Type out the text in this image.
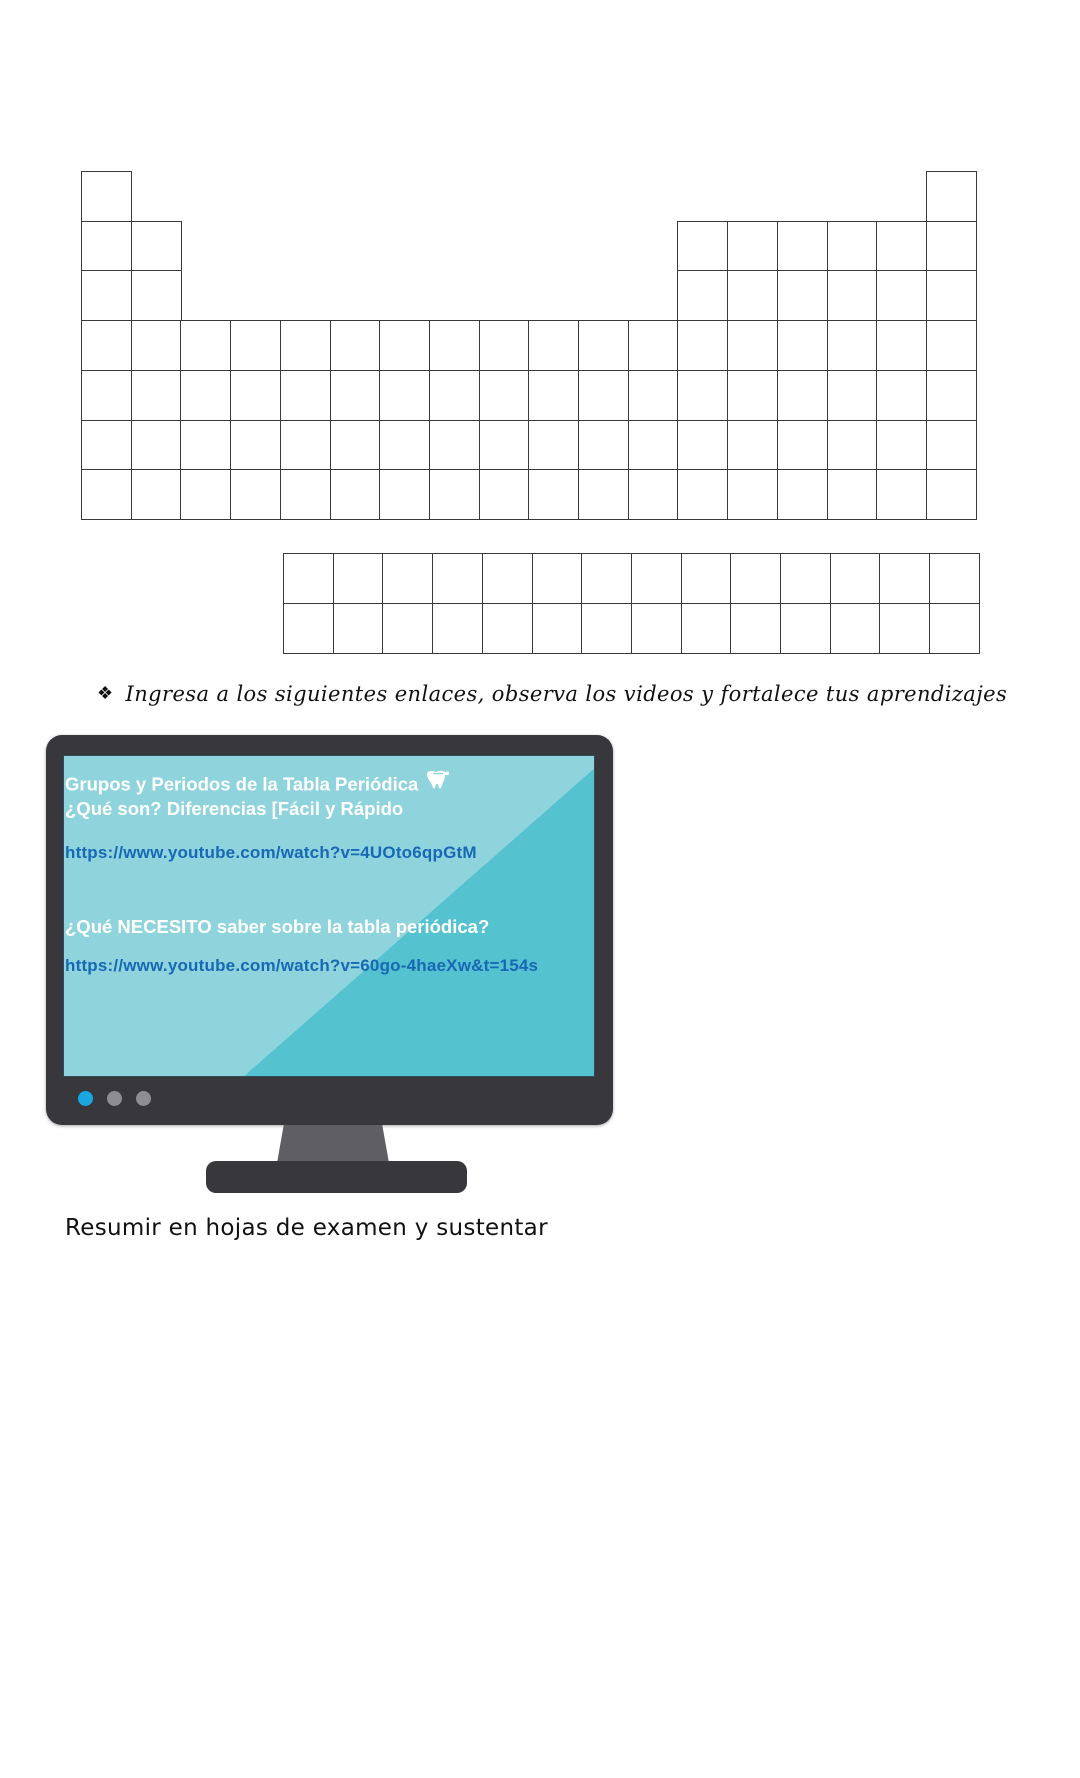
❖ Ingresa a los siguientes enlaces, observa los videos y fortalece tus aprendizajes
Grupos y Periodos de la Tabla Periódica
¿Qué son? Diferencias [Fácil y Rápido
https://www.youtube.com/watch?v=4UOto6qpGtM
¿Qué NECESITO saber sobre la tabla periódica?
https://www.youtube.com/watch?v=60go-4haeXw&t=154s
Resumir en hojas de examen y sustentar
